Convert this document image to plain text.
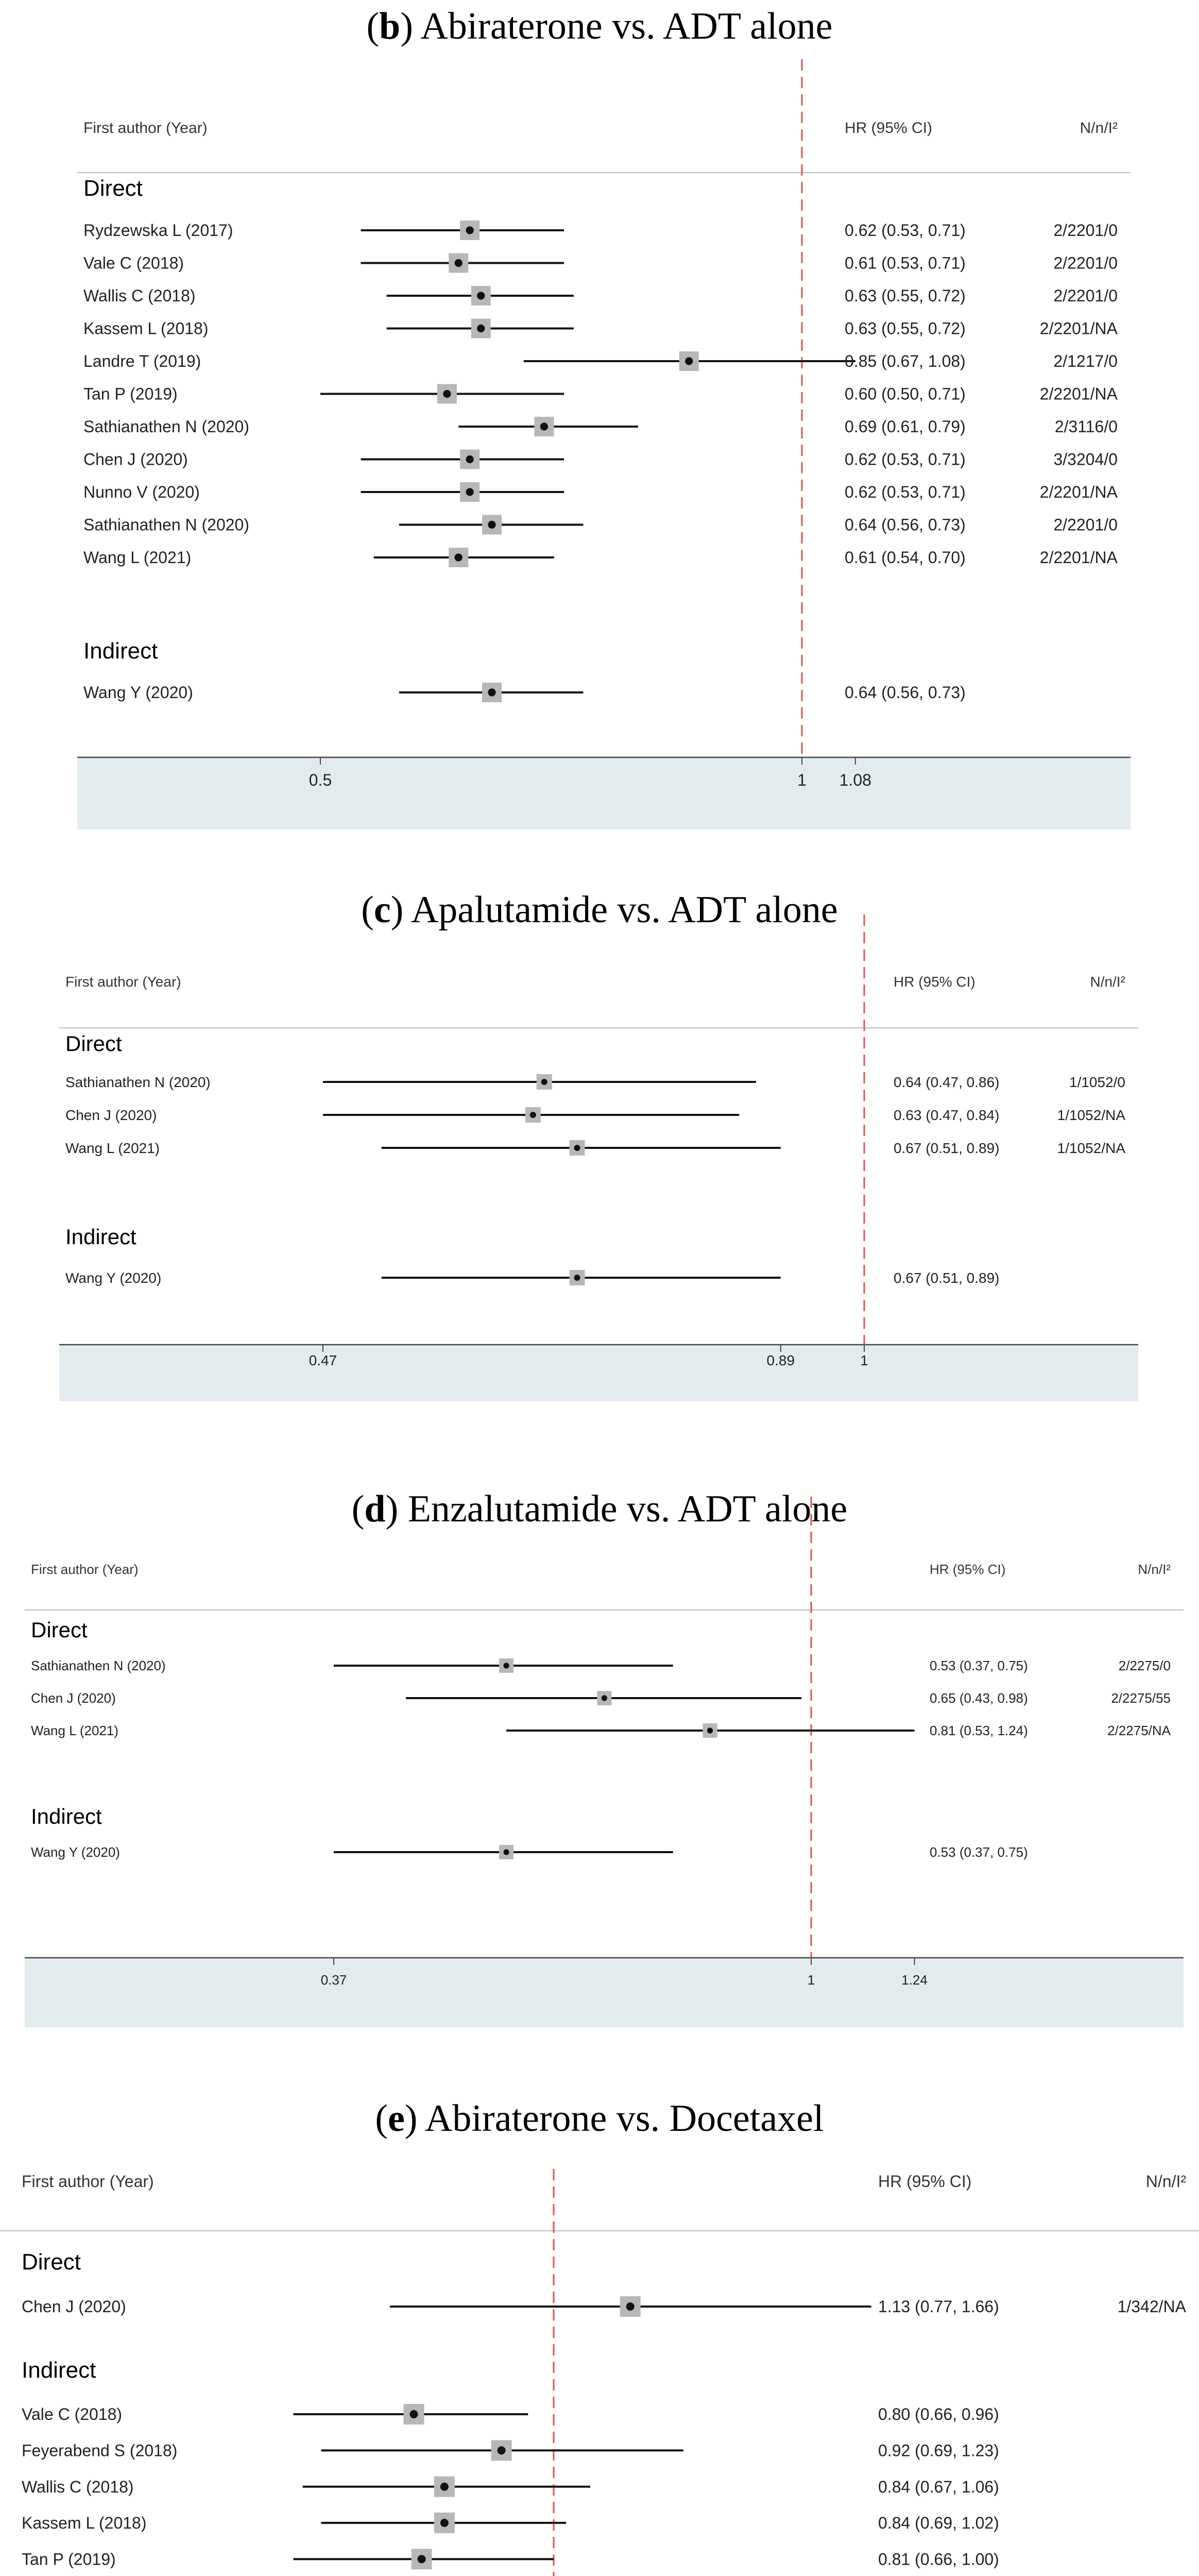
(b) Abiraterone vs. ADT alone
First author (Year)	HR (95% CI)	N/n/I²
0.5	1 1.08
Direct
Rydzewska L (2017)	0.62 (0.53, 0.71)	2/2201/0
Vale C (2018)	0.61 (0.53, 0.71)	2/2201/0
Wallis C (2018)	0.63 (0.55, 0.72)	2/2201/0
Kassem L (2018)	0.63 (0.55, 0.72)	2/2201/NA
Landre T (2019)	0.85 (0.67, 1.08)	2/1217/0
Tan P (2019)	0.60 (0.50, 0.71)	2/2201/NA
Sathianathen N (2020)	0.69 (0.61, 0.79)	2/3116/0
Chen J (2020)	0.62 (0.53, 0.71)	3/3204/0
Nunno V (2020)	0.62 (0.53, 0.71)	2/2201/NA
Sathianathen N (2020)	0.64 (0.56, 0.73)	2/2201/0
Wang L (2021)	0.61 (0.54, 0.70)	2/2201/NA
Indirect
Wang Y (2020)	0.64 (0.56, 0.73)
(c) Apalutamide vs. ADT alone
First author (Year)	HR (95% CI)	N/n/I²
0.47	0.89	1
Direct
Sathianathen N (2020)	0.64 (0.47, 0.86)	1/1052/0
Chen J (2020)	0.63 (0.47, 0.84)	1/1052/NA
Wang L (2021)	0.67 (0.51, 0.89)	1/1052/NA
Indirect
Wang Y (2020)	0.67 (0.51, 0.89)
(d) Enzalutamide vs. ADT alone
First author (Year)	HR (95% CI)	N/n/I²
0.37	1	1.24
Direct
Sathianathen N (2020)	0.53 (0.37, 0.75)	2/2275/0
Chen J (2020)	0.65 (0.43, 0.98)	2/2275/55
Wang L (2021)	0.81 (0.53, 1.24)	2/2275/NA
Indirect
Wang Y (2020)	0.53 (0.37, 0.75)
(e) Abiraterone vs. Docetaxel
First author (Year)	HR (95% CI)	N/n/I²
Direct
Chen J (2020)	1.13 (0.77, 1.66)	1/342/NA
Indirect
Vale C (2018)	0.80 (0.66, 0.96)
Feyerabend S (2018)	0.92 (0.69, 1.23)
Wallis C (2018)	0.84 (0.67, 1.06)
Kassem L (2018)	0.84 (0.69, 1.02)
Tan P (2019)	0.81 (0.66, 1.00)
